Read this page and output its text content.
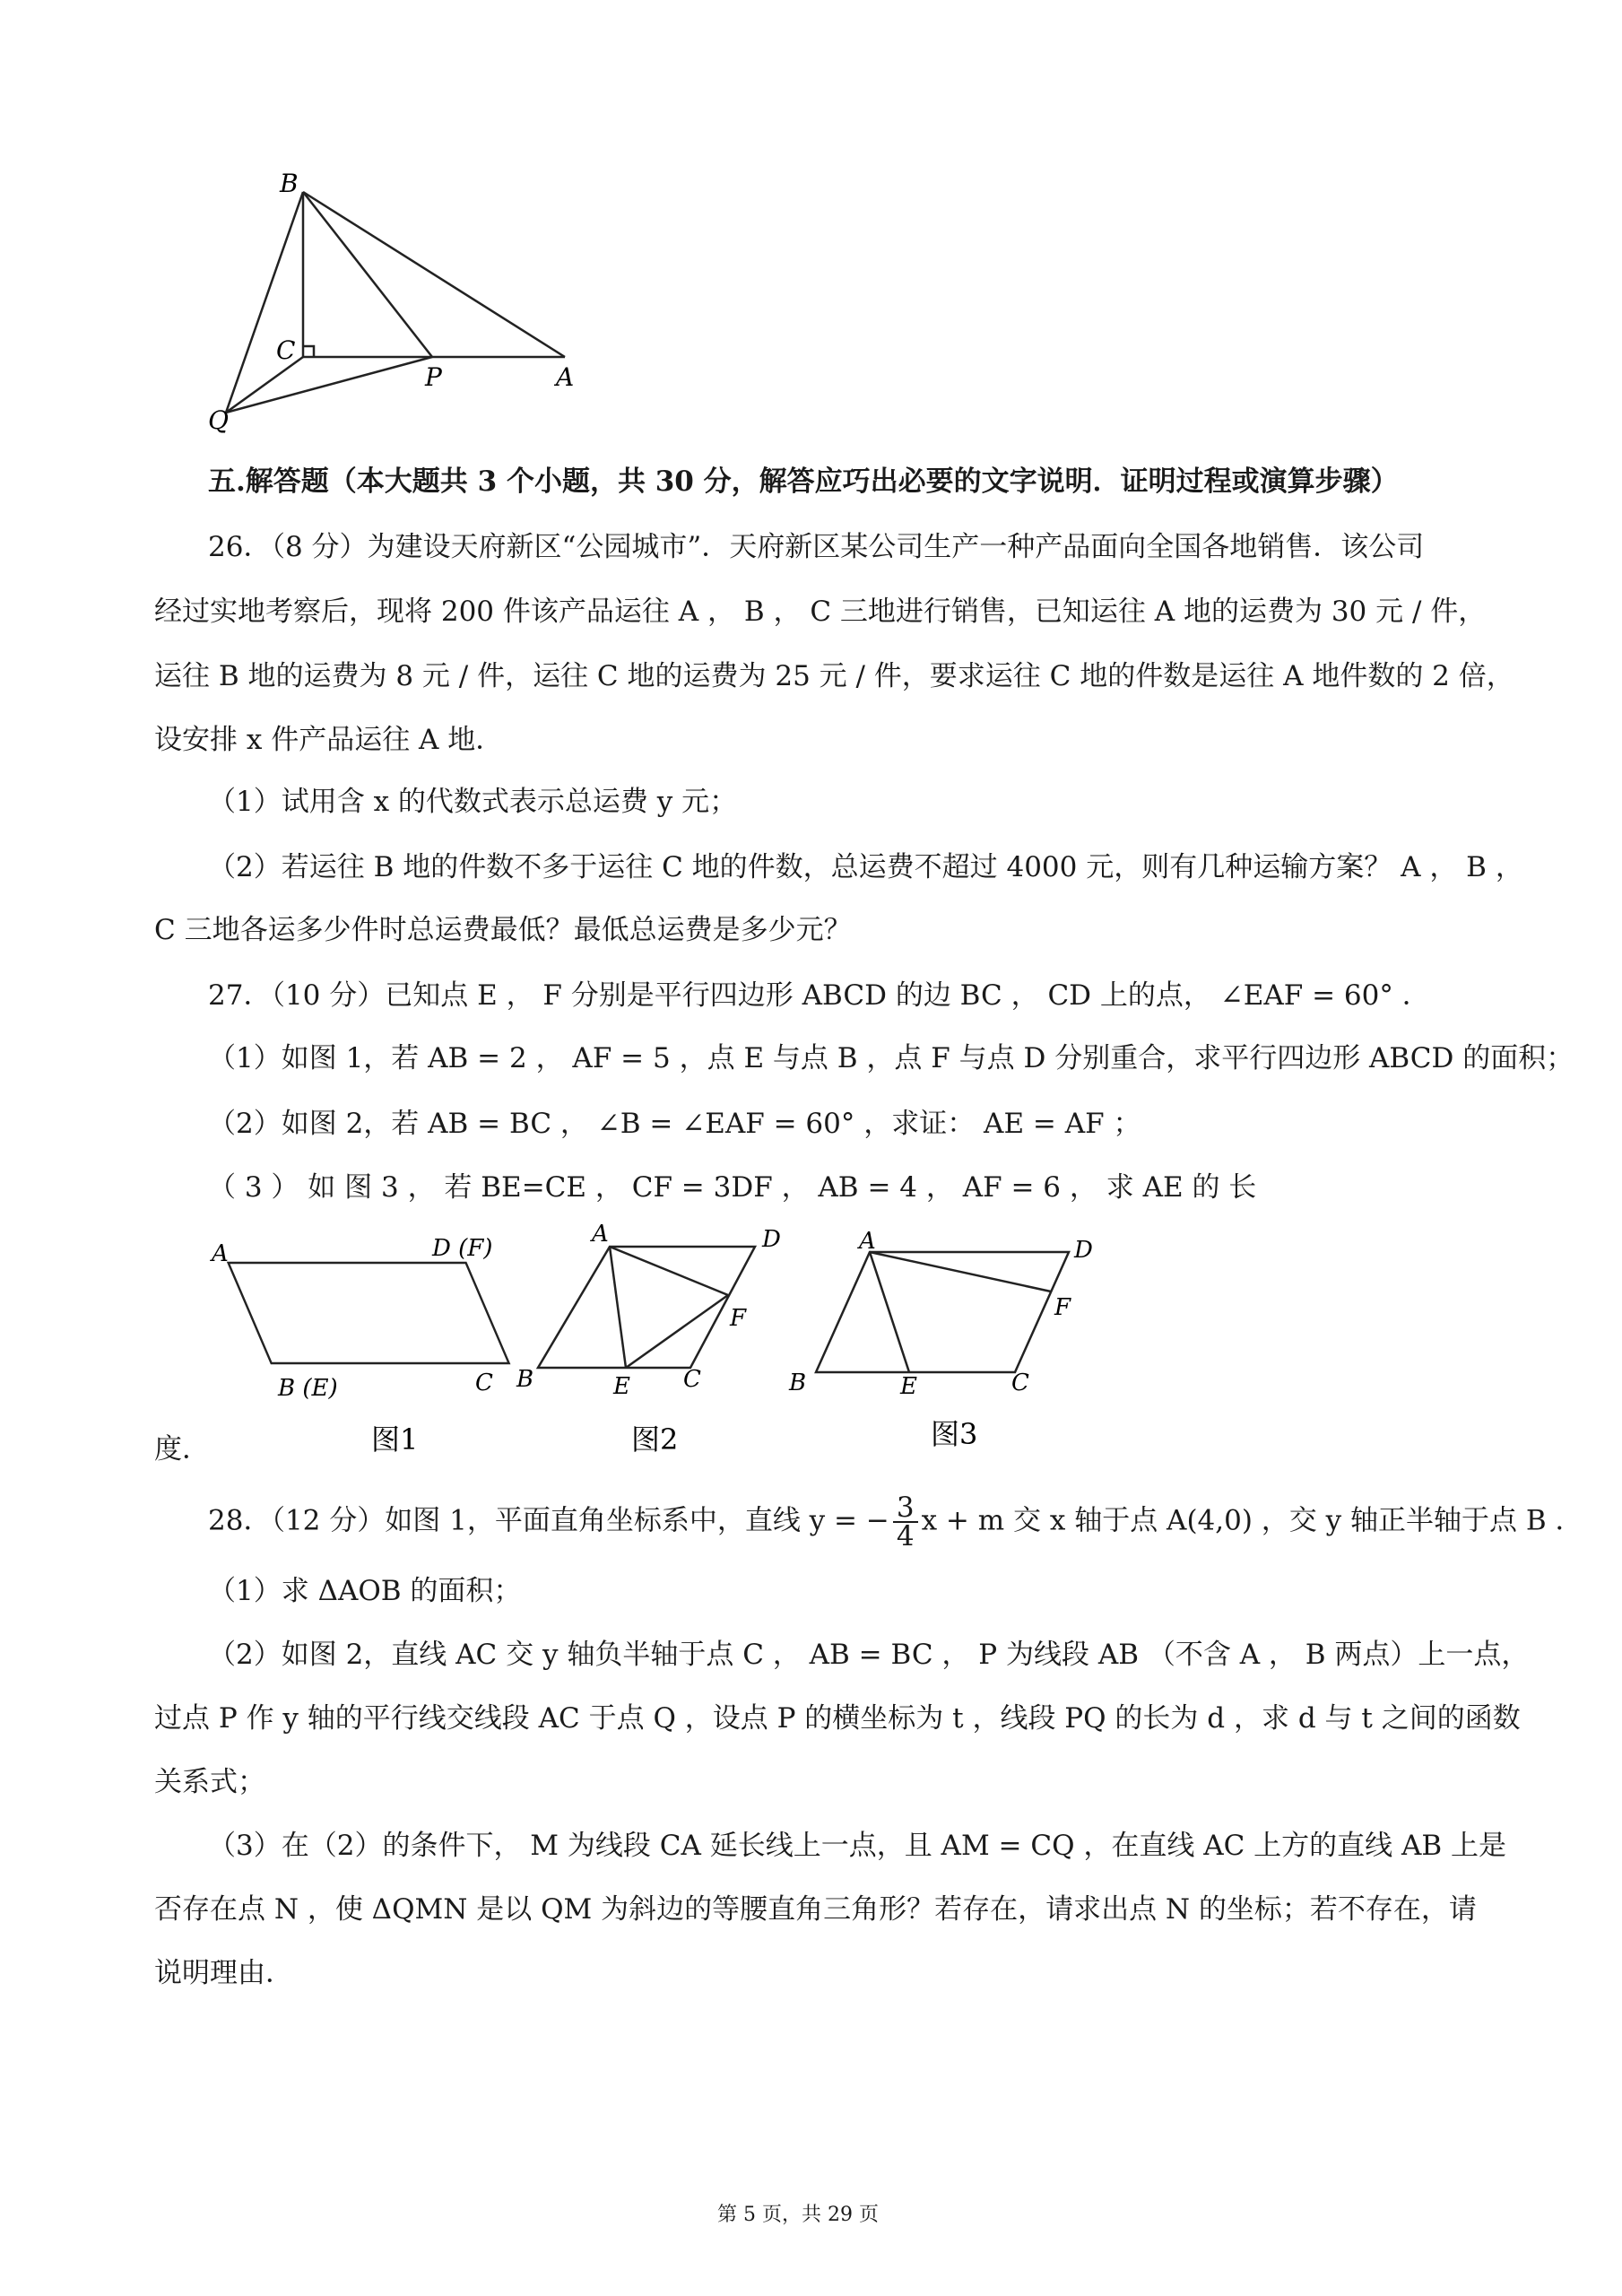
B
C
P	A
Q
五.解答题（本大题共 3 个小题，共 30 分，解答应巧出必要的文字说明．证明过程或演算步骤）
26．（8 分）为建设天府新区“公园城市”．天府新区某公司生产一种产品面向全国各地销售．该公司
经过实地考察后，现将 200 件该产品运往 A ， B ， C 三地进行销售，已知运往 A 地的运费为 30 元 / 件，
运往 B 地的运费为 8 元 / 件，运往 C 地的运费为 25 元 / 件，要求运往 C 地的件数是运往 A 地件数的 2 倍，
设安排 x 件产品运往 A 地．
（1）试用含 x 的代数式表示总运费 y 元；
（2）若运往 B 地的件数不多于运往 C 地的件数，总运费不超过 4000 元，则有几种运输方案？ A ， B ，
C 三地各运多少件时总运费最低？最低总运费是多少元？
27．（10 分）已知点 E ， F 分别是平行四边形 ABCD 的边 BC ， CD 上的点， ∠EAF = 60° ．
（1）如图 1，若 AB = 2 ， AF = 5 ，点 E 与点 B ，点 F 与点 D 分别重合，求平行四边形 ABCD 的面积；
（2）如图 2，若 AB = BC ， ∠B = ∠EAF = 60° ，求证： AE = AF ；
（ 3 ） 如 图 3 ， 若 BE=CE ， CF = 3DF ， AB = 4 ， AF = 6 ， 求 AE 的 长
A	D (F)
B (E)	C
图1
A	D
F
B	E C
图2
A	D
F
B	E	C
图3
度．
28．（12 分）如图 1，平面直角坐标系中，直线 y = − $\frac{3}{4}$ x + m 交 x 轴于点 A(4,0) ，交 y 轴正半轴于点 B ．
（1）求 ΔAOB 的面积；
（2）如图 2，直线 AC 交 y 轴负半轴于点 C ， AB = BC ， P 为线段 AB （不含 A ， B 两点）上一点，
过点 P 作 y 轴的平行线交线段 AC 于点 Q ，设点 P 的横坐标为 t ，线段 PQ 的长为 d ，求 d 与 t 之间的函数
关系式；
（3）在（2）的条件下， M 为线段 CA 延长线上一点，且 AM = CQ ，在直线 AC 上方的直线 AB 上是
否存在点 N ，使 ΔQMN 是以 QM 为斜边的等腰直角三角形？若存在，请求出点 N 的坐标；若不存在，请
说明理由．
第 5 页，共 29 页
